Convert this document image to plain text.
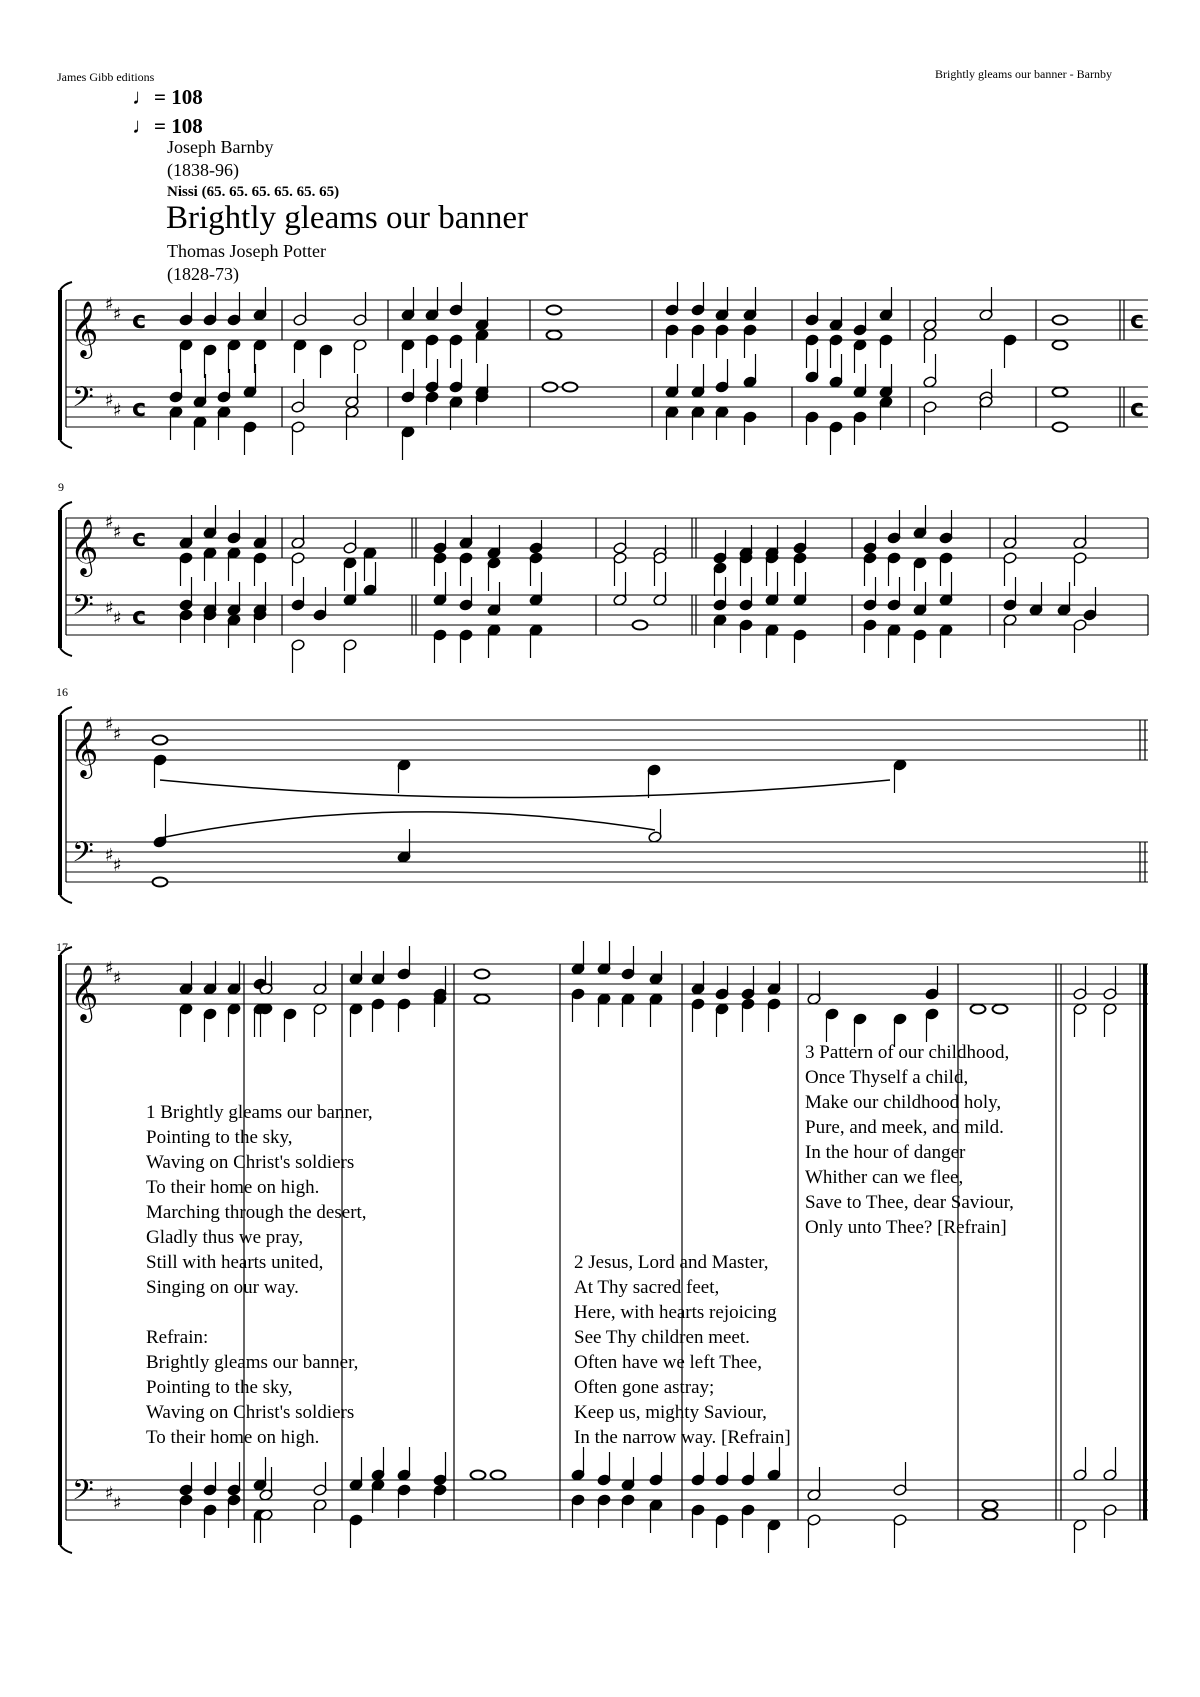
James Gibb editions	Brightly gleams our banner - Barnby
♩= 108
♩= 108
Joseph Barnby
(1838-96)
Nissi (65. 65. 65. 65. 65. 65)
Brightly gleams our banner
Thomas Joseph Potter
(1828-73)
9
16
17
𝄞
𝄢
♯ ♯
♯ ♯
c
c
c
c
𝄞
𝄢
♯ ♯
♯ ♯
c
c
𝄞
𝄢
♯ ♯
♯ ♯
𝄞
𝄢
♯ ♯
♯ ♯
1 Brightly gleams our banner,
Pointing to the sky,
Waving on Christ's soldiers
To their home on high.
Marching through the desert,
Gladly thus we pray,
Still with hearts united,
Singing on our way.

Refrain:
Brightly gleams our banner,
Pointing to the sky,
Waving on Christ's soldiers
To their home on high.
2 Jesus, Lord and Master,
At Thy sacred feet,
Here, with hearts rejoicing
See Thy children meet.
Often have we left Thee,
Often gone astray;
Keep us, mighty Saviour,
In the narrow way. [Refrain]
3 Pattern of our childhood,
Once Thyself a child,
Make our childhood holy,
Pure, and meek, and mild.
In the hour of danger
Whither can we flee,
Save to Thee, dear Saviour,
Only unto Thee? [Refrain]
